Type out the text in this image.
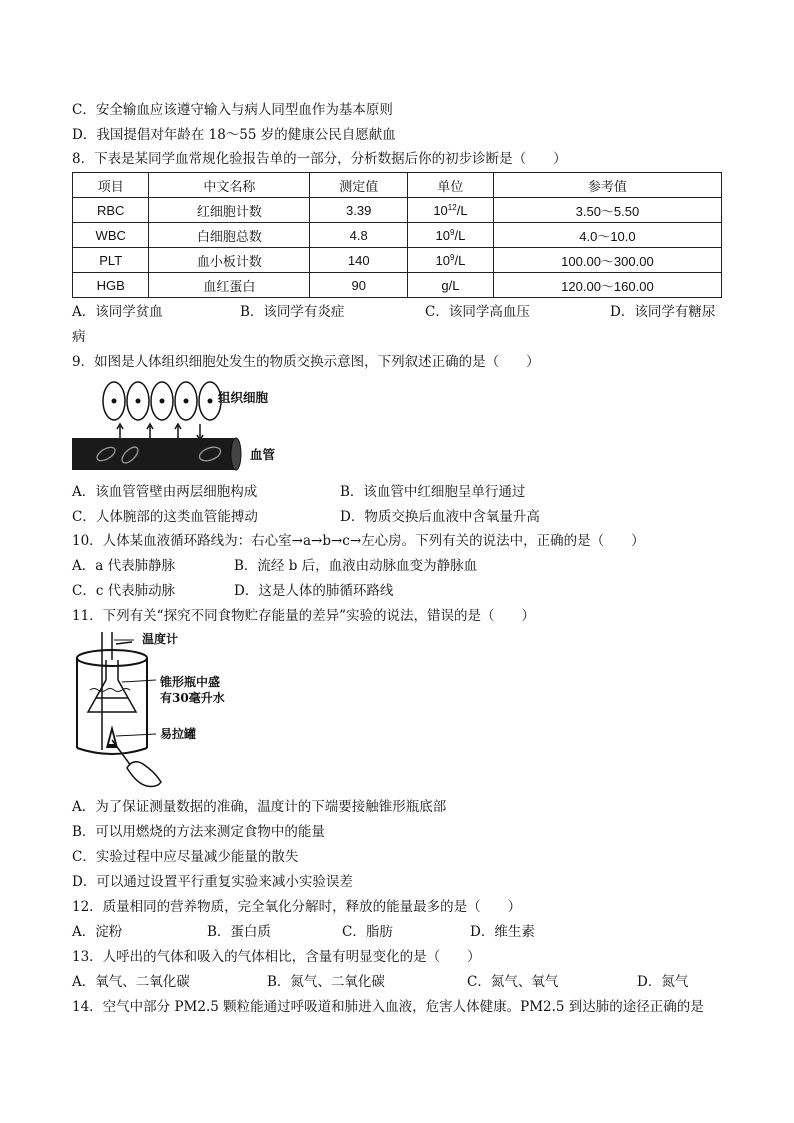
C．安全输血应该遵守输入与病人同型血作为基本原则
D．我国提倡对年龄在 18～55 岁的健康公民自愿献血
8．下表是某同学血常规化验报告单的一部分，分析数据后你的初步诊断是（　　）
项目	中文名称	测定值	单位	参考值
RBC	红细胞计数	3.39	$10^{12}/L$	3.50～5.50
WBC	白细胞总数	4.8	$10^9/L$	4.0～10.0
PLT	血小板计数	140	$10^9/L$	100.00～300.00
HGB	血红蛋白	90	g/L	120.00～160.00
A．该同学贫血	B．该同学有炎症	C．该同学高血压	D．该同学有糖尿
病
9．如图是人体组织细胞处发生的物质交换示意图，下列叙述正确的是（　　）
组织细胞
血管
A．该血管管壁由两层细胞构成	B．该血管中红细胞呈单行通过
C．人体腕部的这类血管能搏动	D．物质交换后血液中含氧量升高
10．人体某血液循环路线为：右心室→a→b→c→左心房。下列有关的说法中，正确的是（　　）
A．a 代表肺静脉	B．流经 b 后，血液由动脉血变为静脉血
C．c 代表肺动脉	D．这是人体的肺循环路线
11．下列有关“探究不同食物贮存能量的差异”实验的说法，错误的是（　　）
温度计
锥形瓶中盛
有30毫升水
易拉罐
A．为了保证测量数据的准确，温度计的下端要接触锥形瓶底部
B．可以用燃烧的方法来测定食物中的能量
C．实验过程中应尽量减少能量的散失
D．可以通过设置平行重复实验来减小实验误差
12．质量相同的营养物质，完全氧化分解时，释放的能量最多的是（　　）
A．淀粉	B．蛋白质	C．脂肪	D．维生素
13．人呼出的气体和吸入的气体相比，含量有明显变化的是（　　）
A．氧气、二氧化碳	B．氮气、二氧化碳	C．氮气、氧气	D．氮气
14．空气中部分 PM2.5 颗粒能通过呼吸道和肺进入血液，危害人体健康。PM2.5 到达肺的途径正确的是
